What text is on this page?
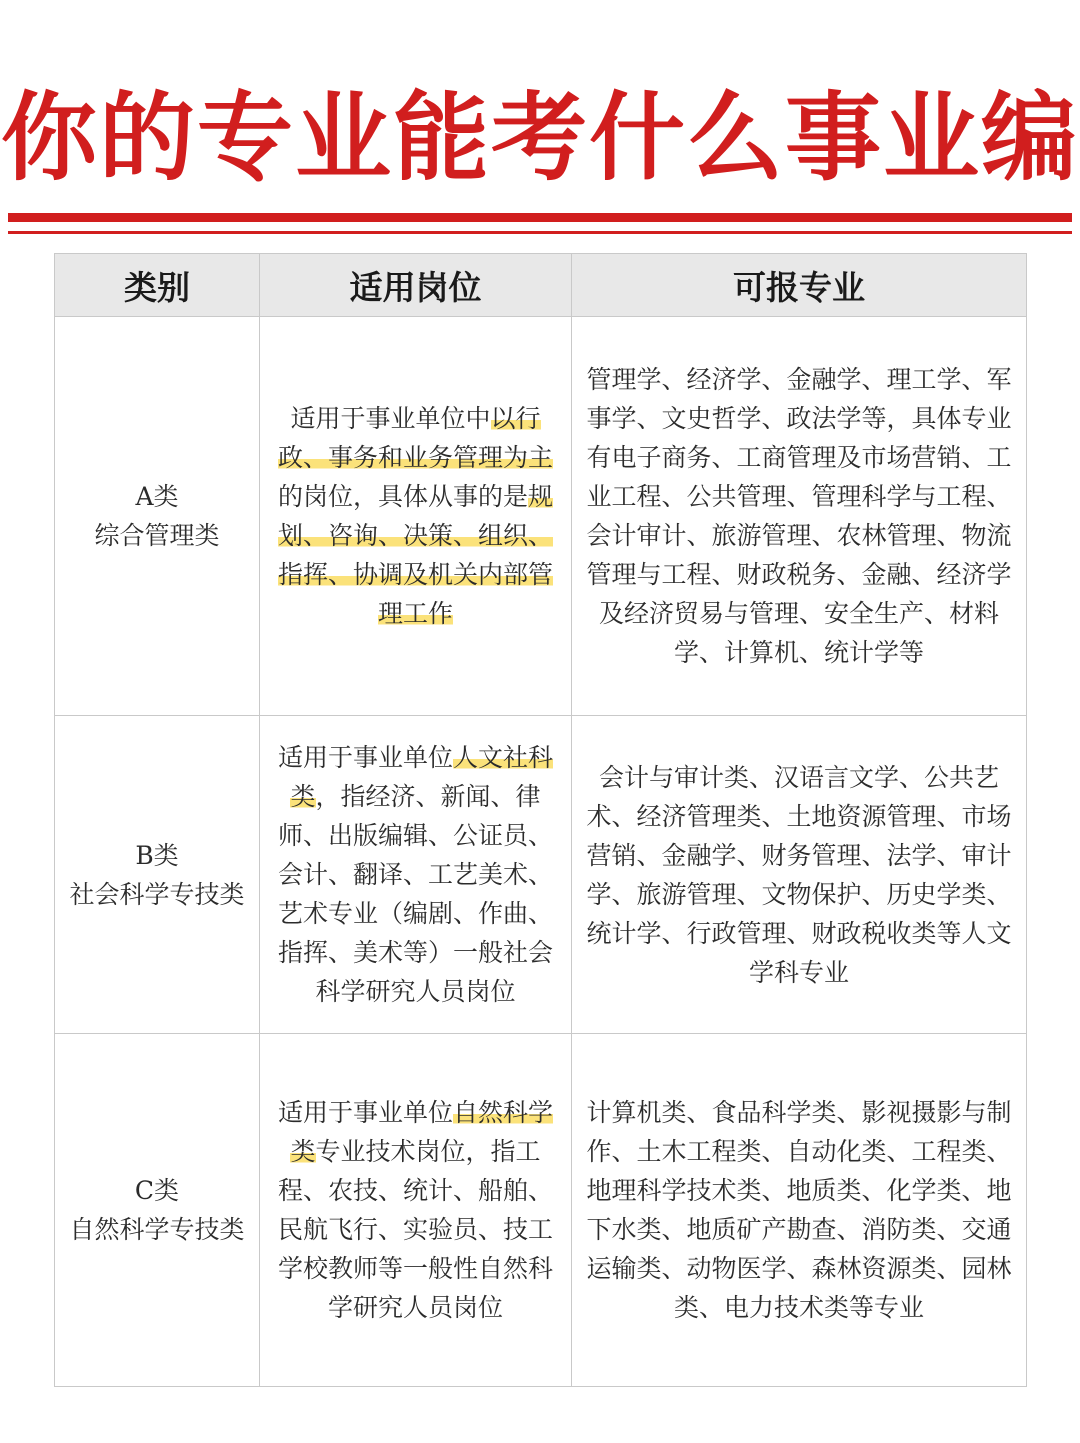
你的专业能考什么事业编
类别	适用岗位	可报专业

A类
综合管理类	适用于事业单位中以行政、事务和业务管理为主的岗位，具体从事的是规划、咨询、决策、组织、指挥、协调及机关内部管理工作	管理学、经济学、金融学、理工学、军事学、文史哲学、政法学等，具体专业有电子商务、工商管理及市场营销、工业工程、公共管理、管理科学与工程、会计审计、旅游管理、农林管理、物流管理与工程、财政税务、金融、经济学及经济贸易与管理、安全生产、材料学、计算机、统计学等

B类
社会科学专技类	适用于事业单位人文社科类，指经济、新闻、律师、出版编辑、公证员、会计、翻译、工艺美术、艺术专业（编剧、作曲、指挥、美术等）一般社会科学研究人员岗位	会计与审计类、汉语言文学、公共艺术、经济管理类、土地资源管理、市场营销、金融学、财务管理、法学、审计学、旅游管理、文物保护、历史学类、统计学、行政管理、财政税收类等人文学科专业

C类
自然科学专技类	适用于事业单位自然科学类专业技术岗位，指工程、农技、统计、船舶、民航飞行、实验员、技工学校教师等一般性自然科学研究人员岗位	计算机类、食品科学类、影视摄影与制作、土木工程类、自动化类、工程类、地理科学技术类、地质类、化学类、地下水类、地质矿产勘查、消防类、交通运输类、动物医学、森林资源类、园林类、电力技术类等专业
